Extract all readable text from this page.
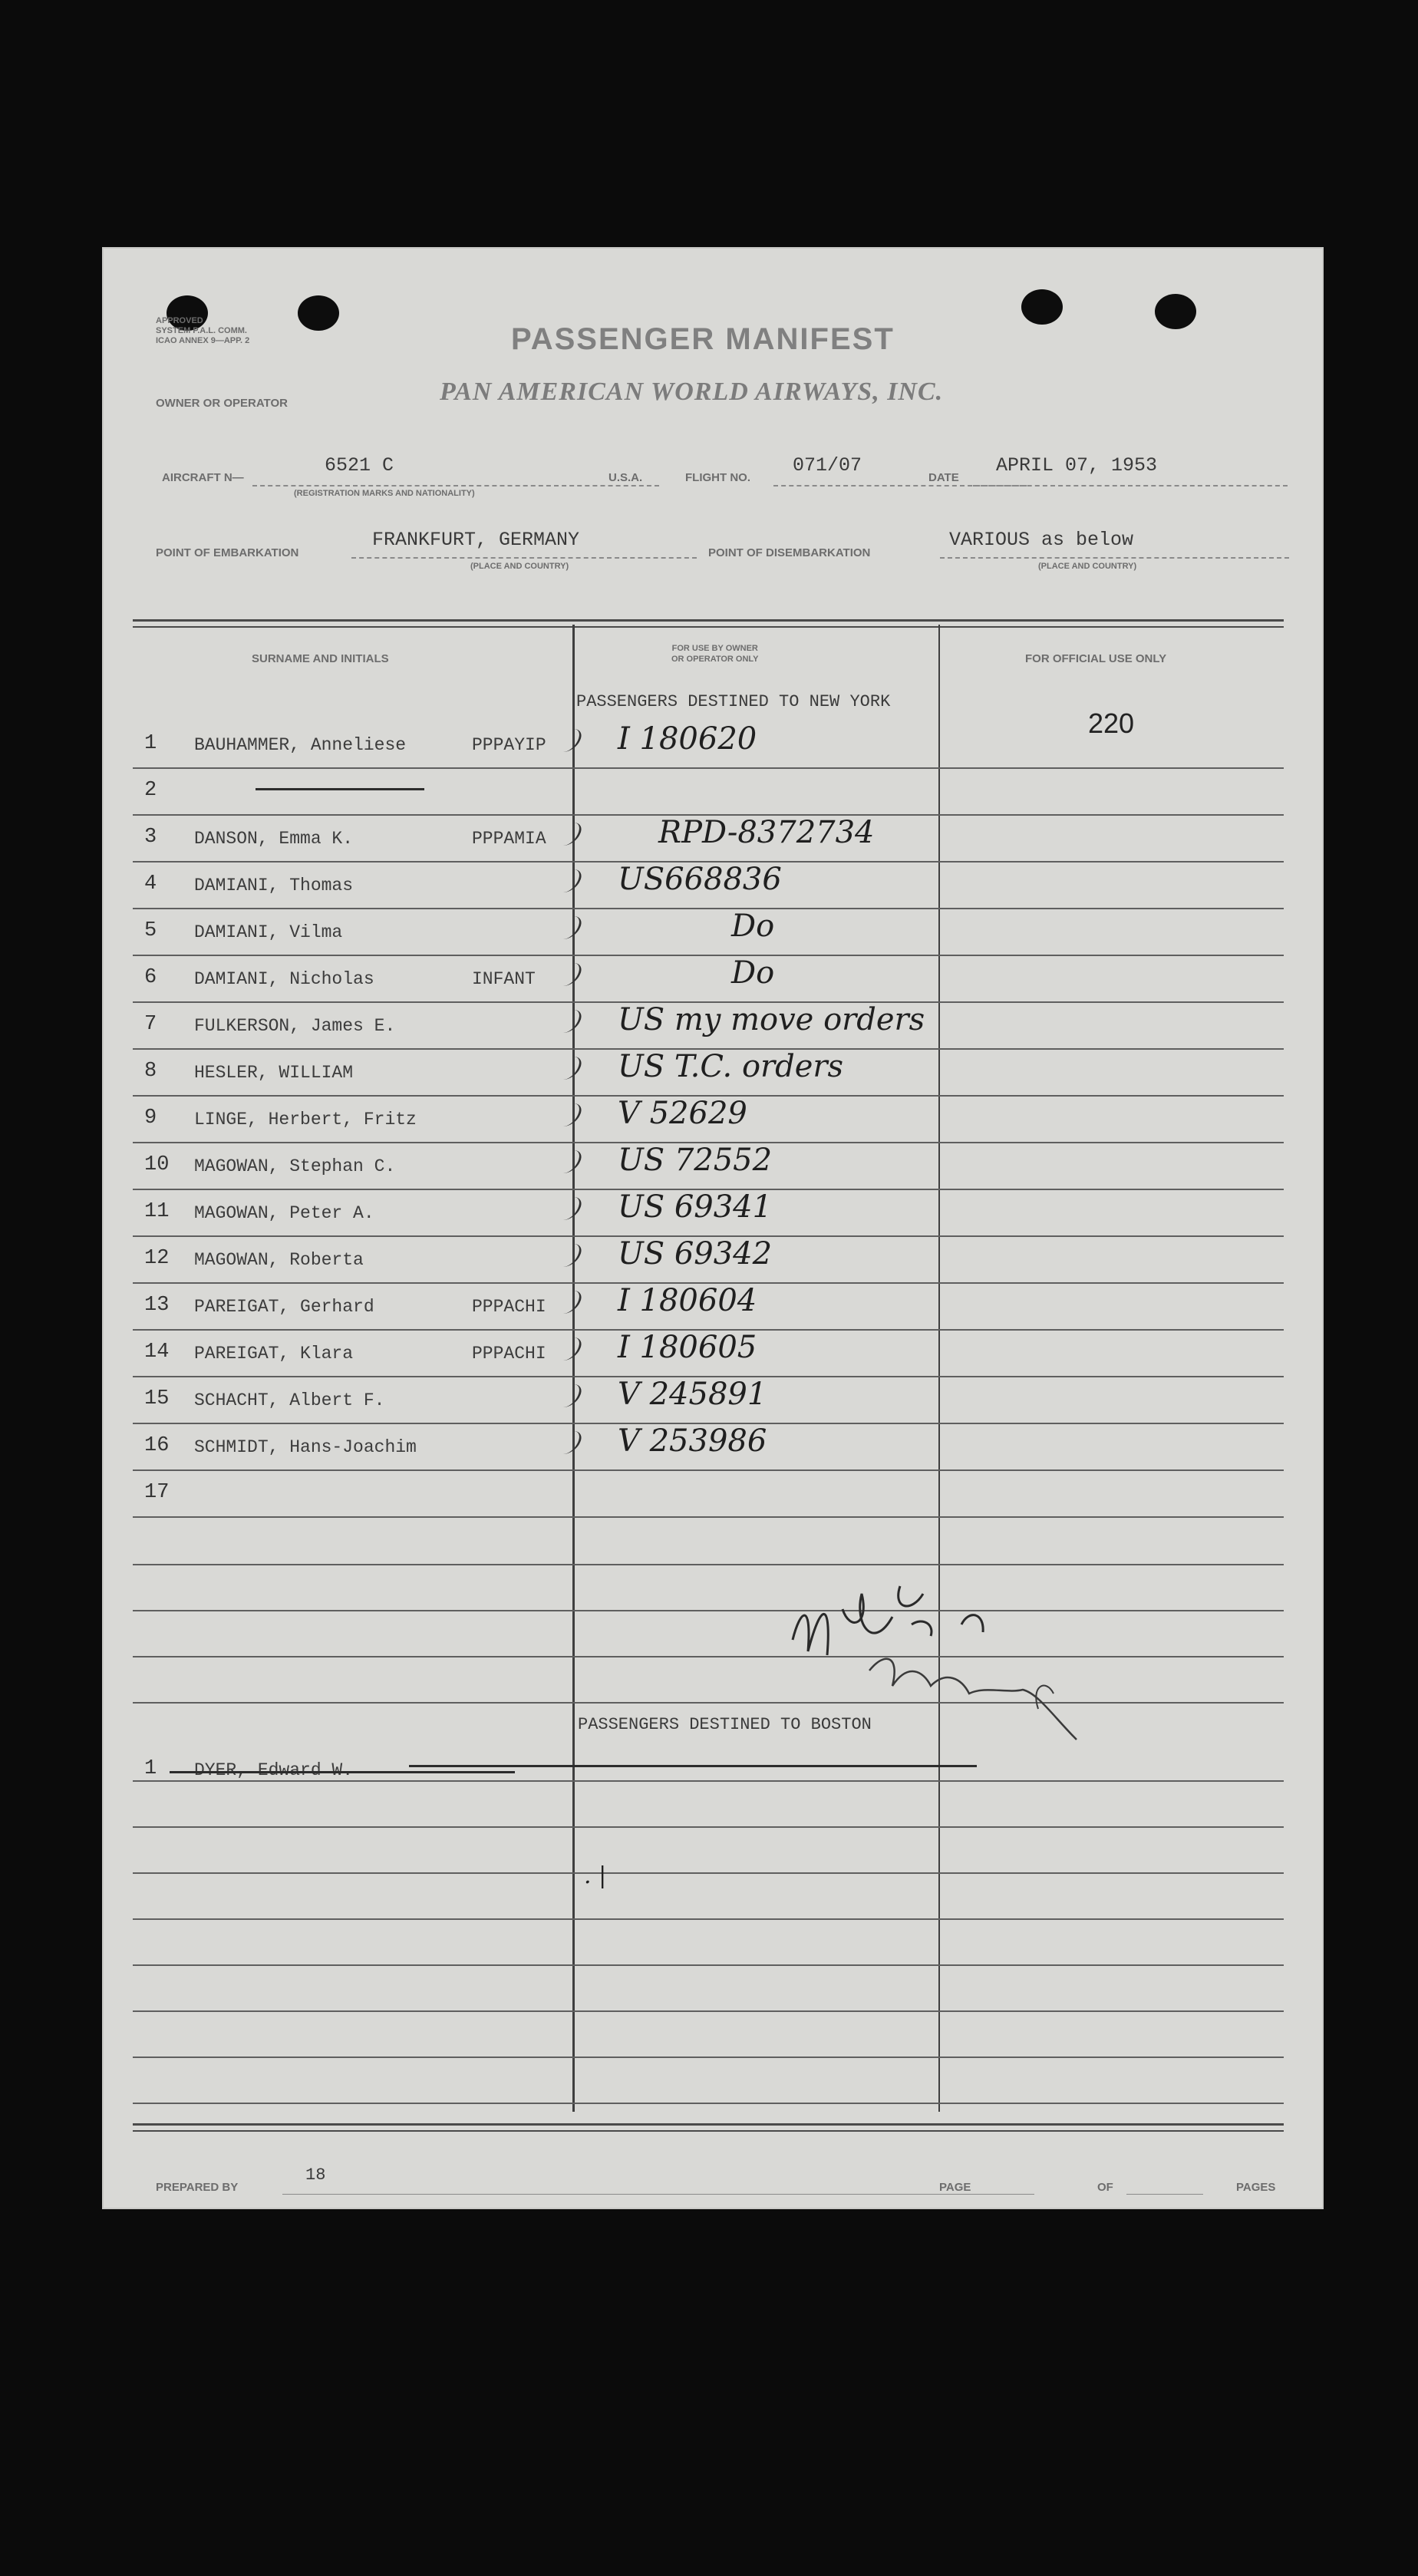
APPROVED
SYSTEM P.A.L. COMM.
ICAO ANNEX 9—APP. 2	PASSENGER MANIFEST
OWNER OR OPERATOR	PAN AMERICAN WORLD AIRWAYS, INC.
AIRCRAFT N—
6521 C
(REGISTRATION MARKS AND NATIONALITY)
U.S.A.	FLIGHT NO.
071/07
DATE
APRIL 07, 1953
POINT OF EMBARKATION
FRANKFURT, GERMANY
(PLACE AND COUNTRY)
POINT OF DISEMBARKATION
VARIOUS as below
(PLACE AND COUNTRY)
SURNAME AND INITIALS
FOR USE BY OWNER
OR OPERATOR ONLY	FOR OFFICIAL USE ONLY
PASSENGERS DESTINED TO NEW YORK
220
1 BAUHAMMER, Anneliese	PPPAYIP I 180620
2
3 DANSON, Emma K.	PPPAMIA	RPD-8372734
4 DAMIANI, Thomas	US668836
5 DAMIANI, Vilma	Do
6 DAMIANI, Nicholas	INFANT	Do
7 FULKERSON, James E.	US my move orders
8 HESLER, WILLIAM	US T.C. orders
9 LINGE, Herbert, Fritz	V 52629
10 MAGOWAN, Stephan C.	US 72552
11 MAGOWAN, Peter A.	US 69341
12 MAGOWAN, Roberta	US 69342
13 PAREIGAT, Gerhard	PPPACHI I 180604
14 PAREIGAT, Klara	PPPACHI I 180605
15 SCHACHT, Albert F.	V 245891
16 SCHMIDT, Hans-Joachim	V 253986
17
PASSENGERS DESTINED TO BOSTON
1 DYER, Edward W.
. |
PREPARED BY
18
PAGE	OF	PAGES
